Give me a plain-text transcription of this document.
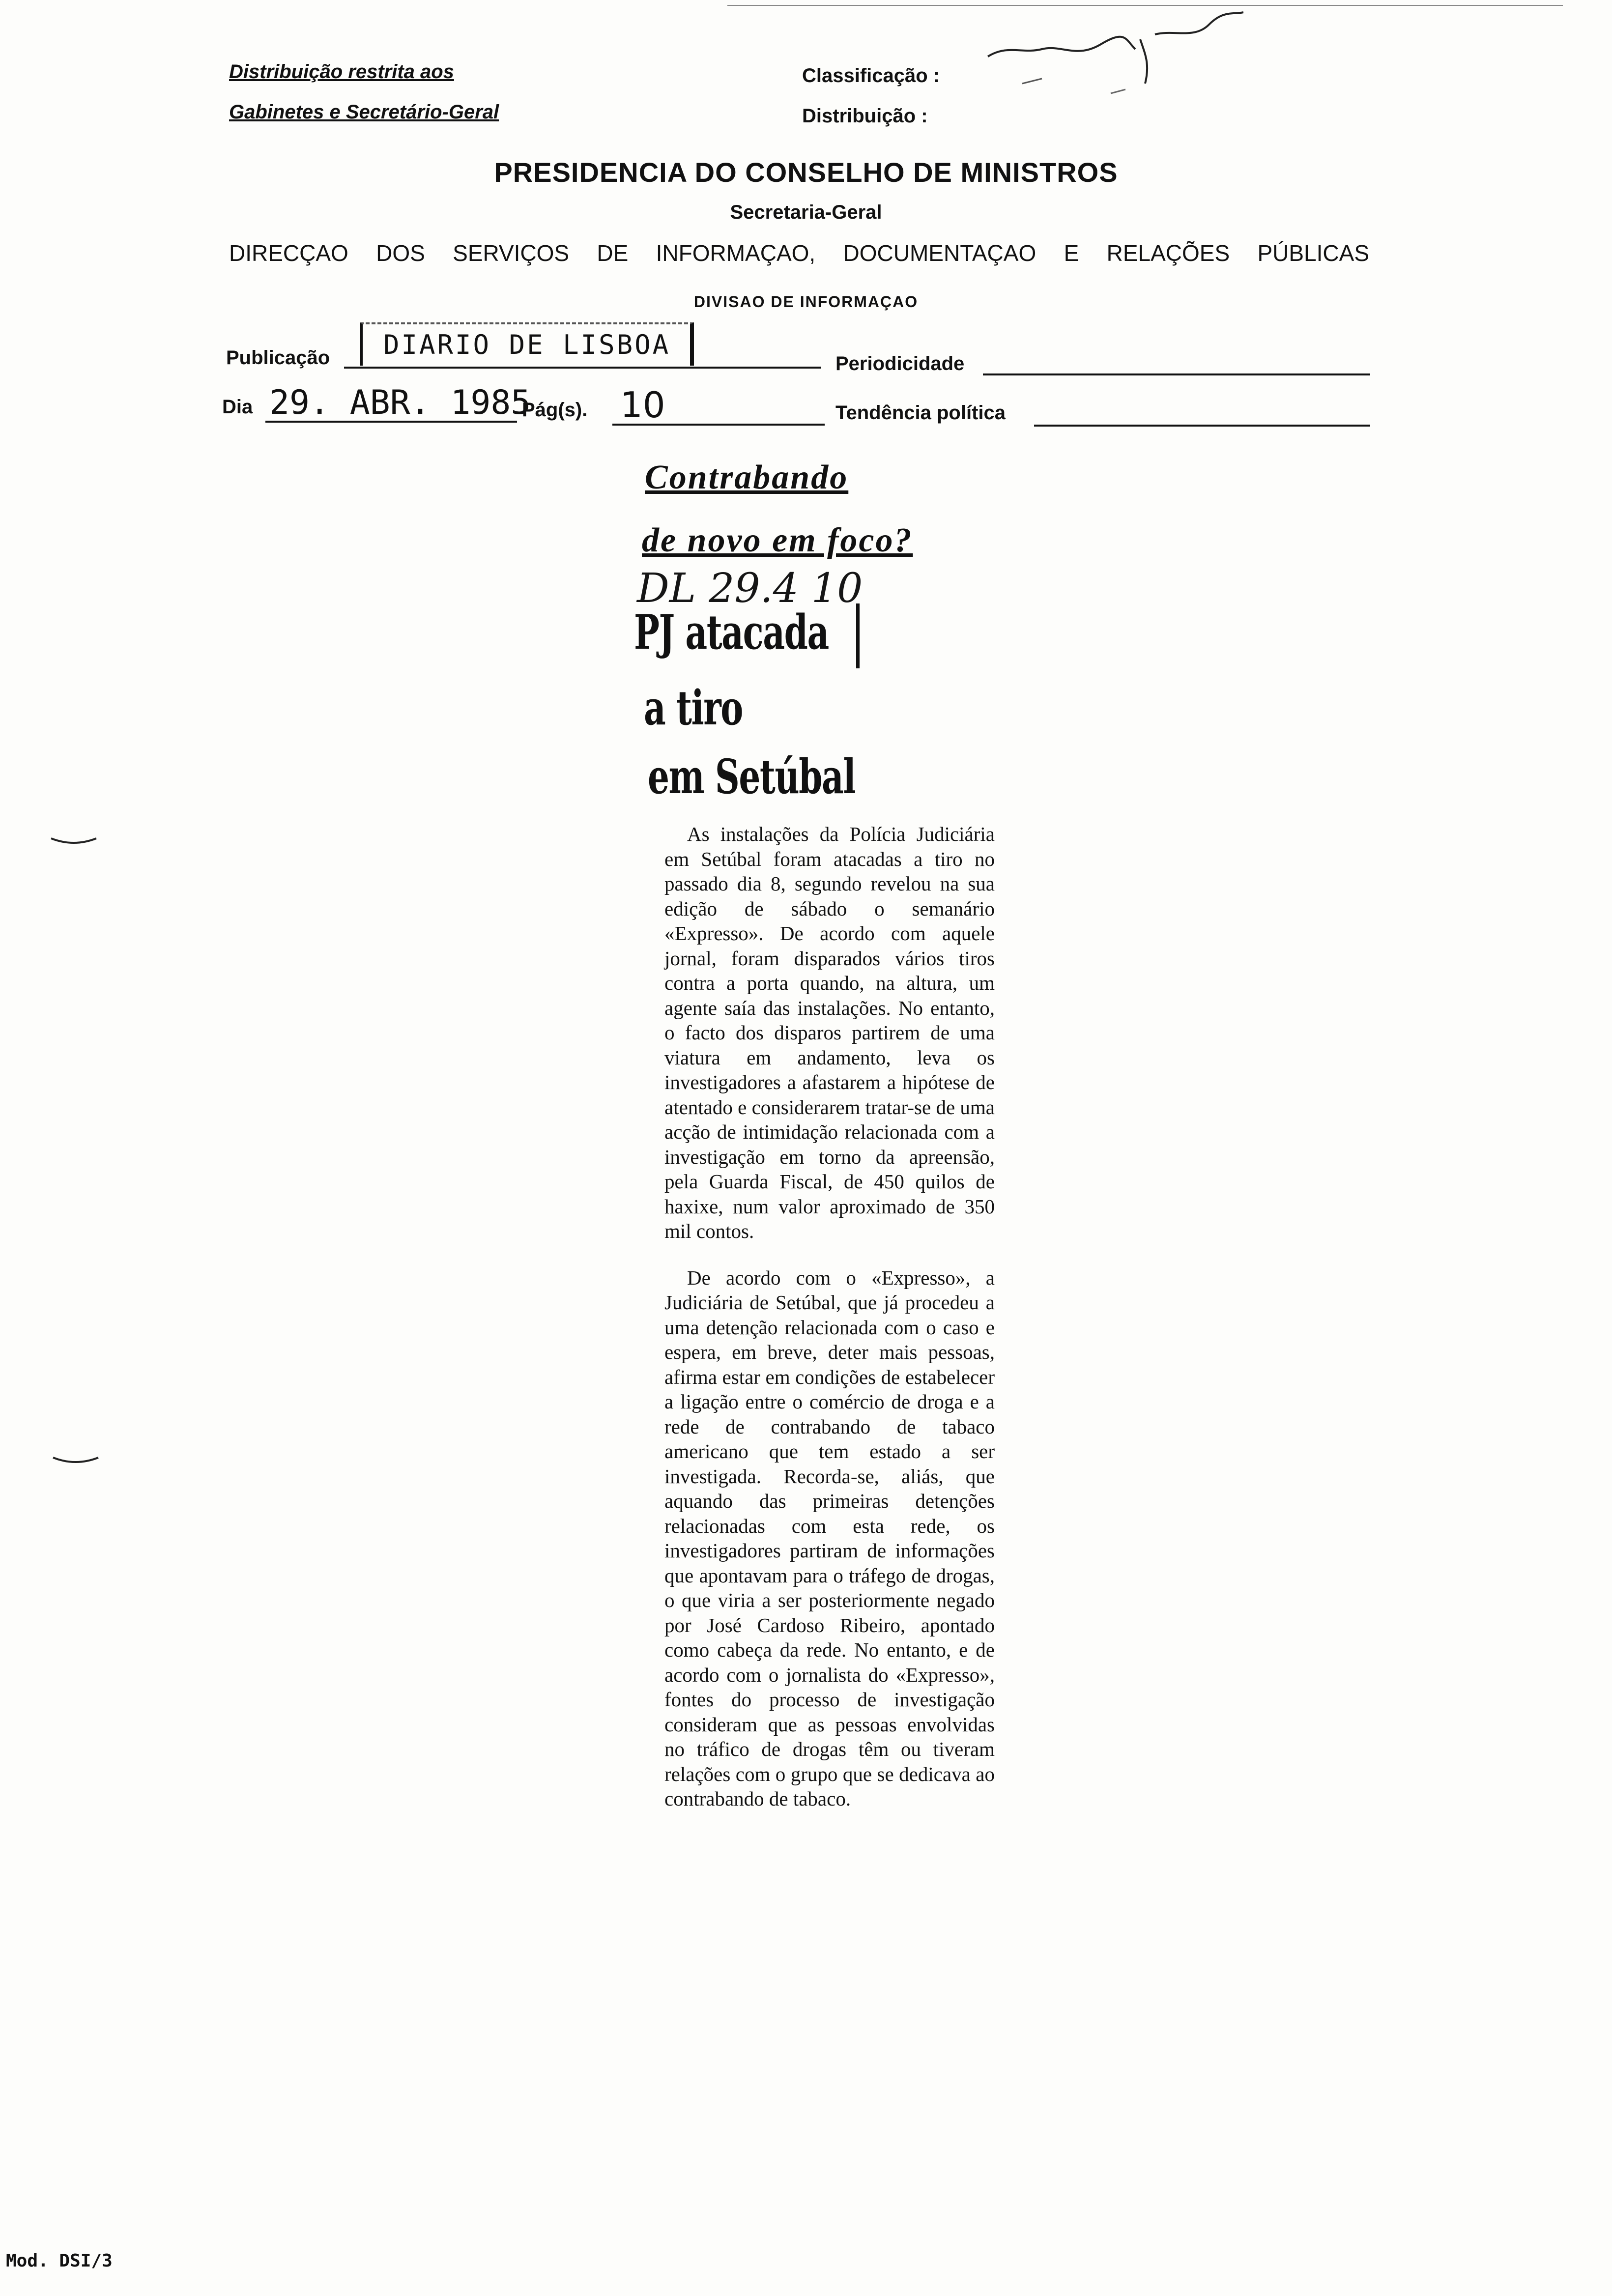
Distribuição restrita aos
Gabinetes e Secretário-Geral
Classificação :
Distribuição :
PRESIDENCIA DO CONSELHO DE MINISTROS
Secretaria-Geral
DIRECÇAO DOS SERVIÇOS DE INFORMAÇAO, DOCUMENTAÇAO E RELAÇÕES PÚBLICAS
DIVISAO DE INFORMAÇAO
Publicação	DIARIO DE LISBOA
Periodicidade
Dia 29. ABR. 1985
Pág(s). 10	Tendência política
Contrabando
de novo em foco?
DL 29.4 10
PJ atacada
a tiro
em Setúbal

As instalações da Polícia Judiciária em Setúbal foram atacadas a tiro no passado dia 8, segundo revelou na sua edição de sábado o semanário «Expresso». De acordo com aquele jornal, foram disparados vários tiros contra a porta quando, na altura, um agente saía das instalações. No entanto, o facto dos disparos partirem de uma viatura em andamento, leva os investigadores a afastarem a hipótese de atentado e considerarem tratar-se de uma acção de intimidação relacionada com a investigação em torno da apreensão, pela Guarda Fiscal, de 450 quilos de haxixe, num valor aproximado de 350 mil contos.

De acordo com o «Expresso», a Judiciária de Setúbal, que já procedeu a uma detenção relacionada com o caso e espera, em breve, deter mais pessoas, afirma estar em condições de estabelecer a ligação entre o comércio de droga e a rede de contrabando de tabaco americano que tem estado a ser investigada. Recorda-se, aliás, que aquando das primeiras detenções relacionadas com esta rede, os investigadores partiram de informações que apontavam para o tráfego de drogas, o que viria a ser posteriormente negado por José Cardoso Ribeiro, apontado como cabeça da rede. No entanto, e de acordo com o jornalista do «Expresso», fontes do processo de investigação consideram que as pessoas envolvidas no tráfico de drogas têm ou tiveram relações com o grupo que se dedicava ao contrabando de tabaco.

Mod. DSI/3
